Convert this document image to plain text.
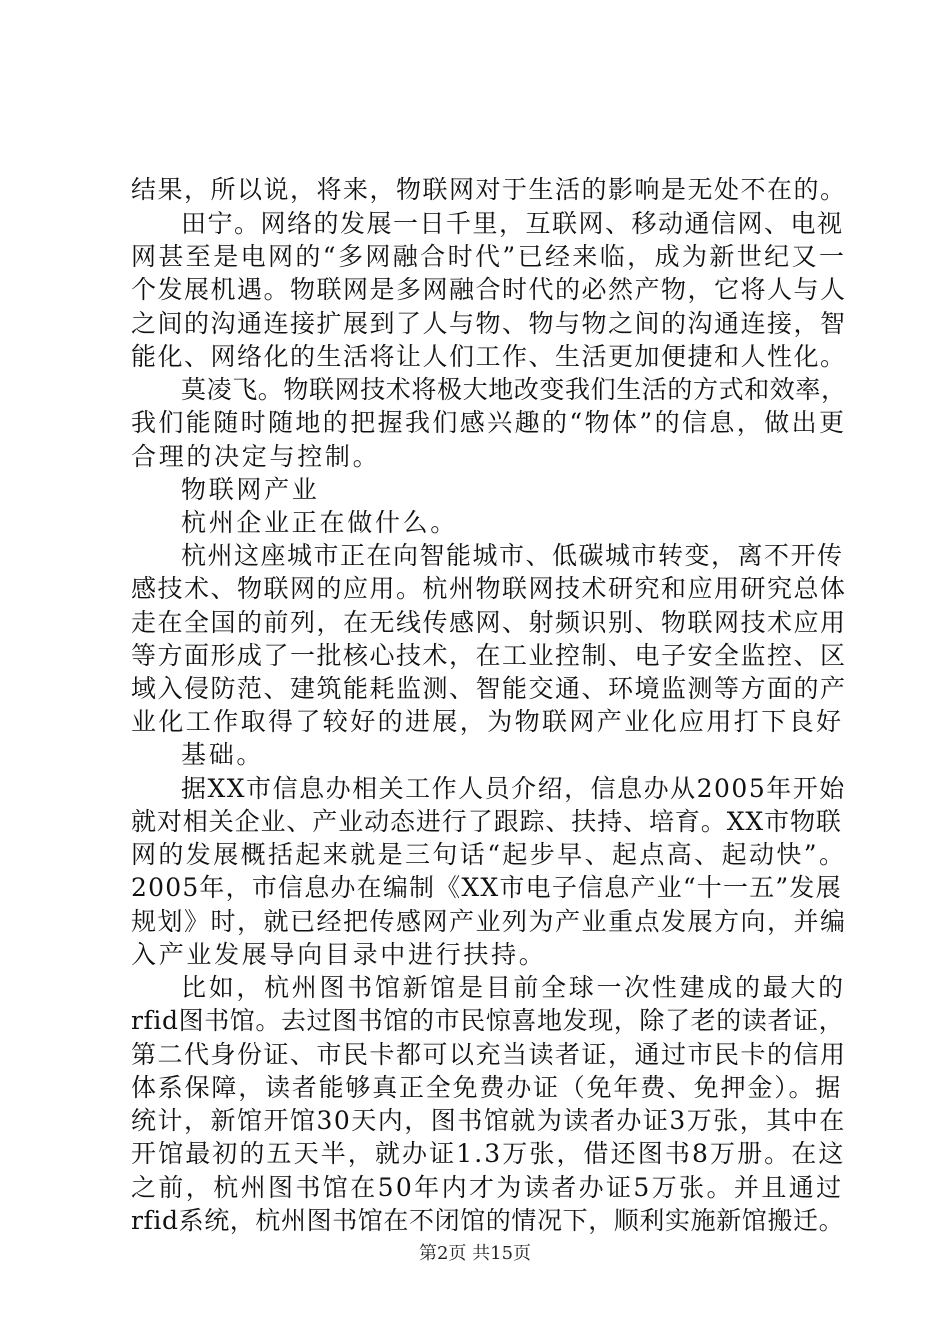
结果，所以说，将来，物联网对于生活的影响是无处不在的。
田宁。网络的发展一日千里，互联网、移动通信网、电视
网甚至是电网的“多网融合时代”已经来临，成为新世纪又一
个发展机遇。物联网是多网融合时代的必然产物，它将人与人
之间的沟通连接扩展到了人与物、物与物之间的沟通连接，智
能化、网络化的生活将让人们工作、生活更加便捷和人性化。
莫凌飞。物联网技术将极大地改变我们生活的方式和效率，
我们能随时随地的把握我们感兴趣的“物体”的信息，做出更
合理的决定与控制。
物联网产业
杭州企业正在做什么。
杭州这座城市正在向智能城市、低碳城市转变，离不开传
感技术、物联网的应用。杭州物联网技术研究和应用研究总体
走在全国的前列，在无线传感网、射频识别、物联网技术应用
等方面形成了一批核心技术，在工业控制、电子安全监控、区
域入侵防范、建筑能耗监测、智能交通、环境监测等方面的产
业化工作取得了较好的进展，为物联网产业化应用打下良好
基础。
据XX市信息办相关工作人员介绍，信息办从2005年开始
就对相关企业、产业动态进行了跟踪、扶持、培育。XX市物联
网的发展概括起来就是三句话“起步早、起点高、起动快”。
2005年，市信息办在编制《XX市电子信息产业“十一五”发展
规划》时，就已经把传感网产业列为产业重点发展方向，并编
入产业发展导向目录中进行扶持。
比如，杭州图书馆新馆是目前全球一次性建成的最大的
rfid图书馆。去过图书馆的市民惊喜地发现，除了老的读者证，
第二代身份证、市民卡都可以充当读者证，通过市民卡的信用
体系保障，读者能够真正全免费办证（免年费、免押金）。据
统计，新馆开馆30天内，图书馆就为读者办证3万张，其中在
开馆最初的五天半，就办证1.3万张，借还图书8万册。在这
之前，杭州图书馆在50年内才为读者办证5万张。并且通过
rfid系统，杭州图书馆在不闭馆的情况下，顺利实施新馆搬迁。
第2页 共15页
